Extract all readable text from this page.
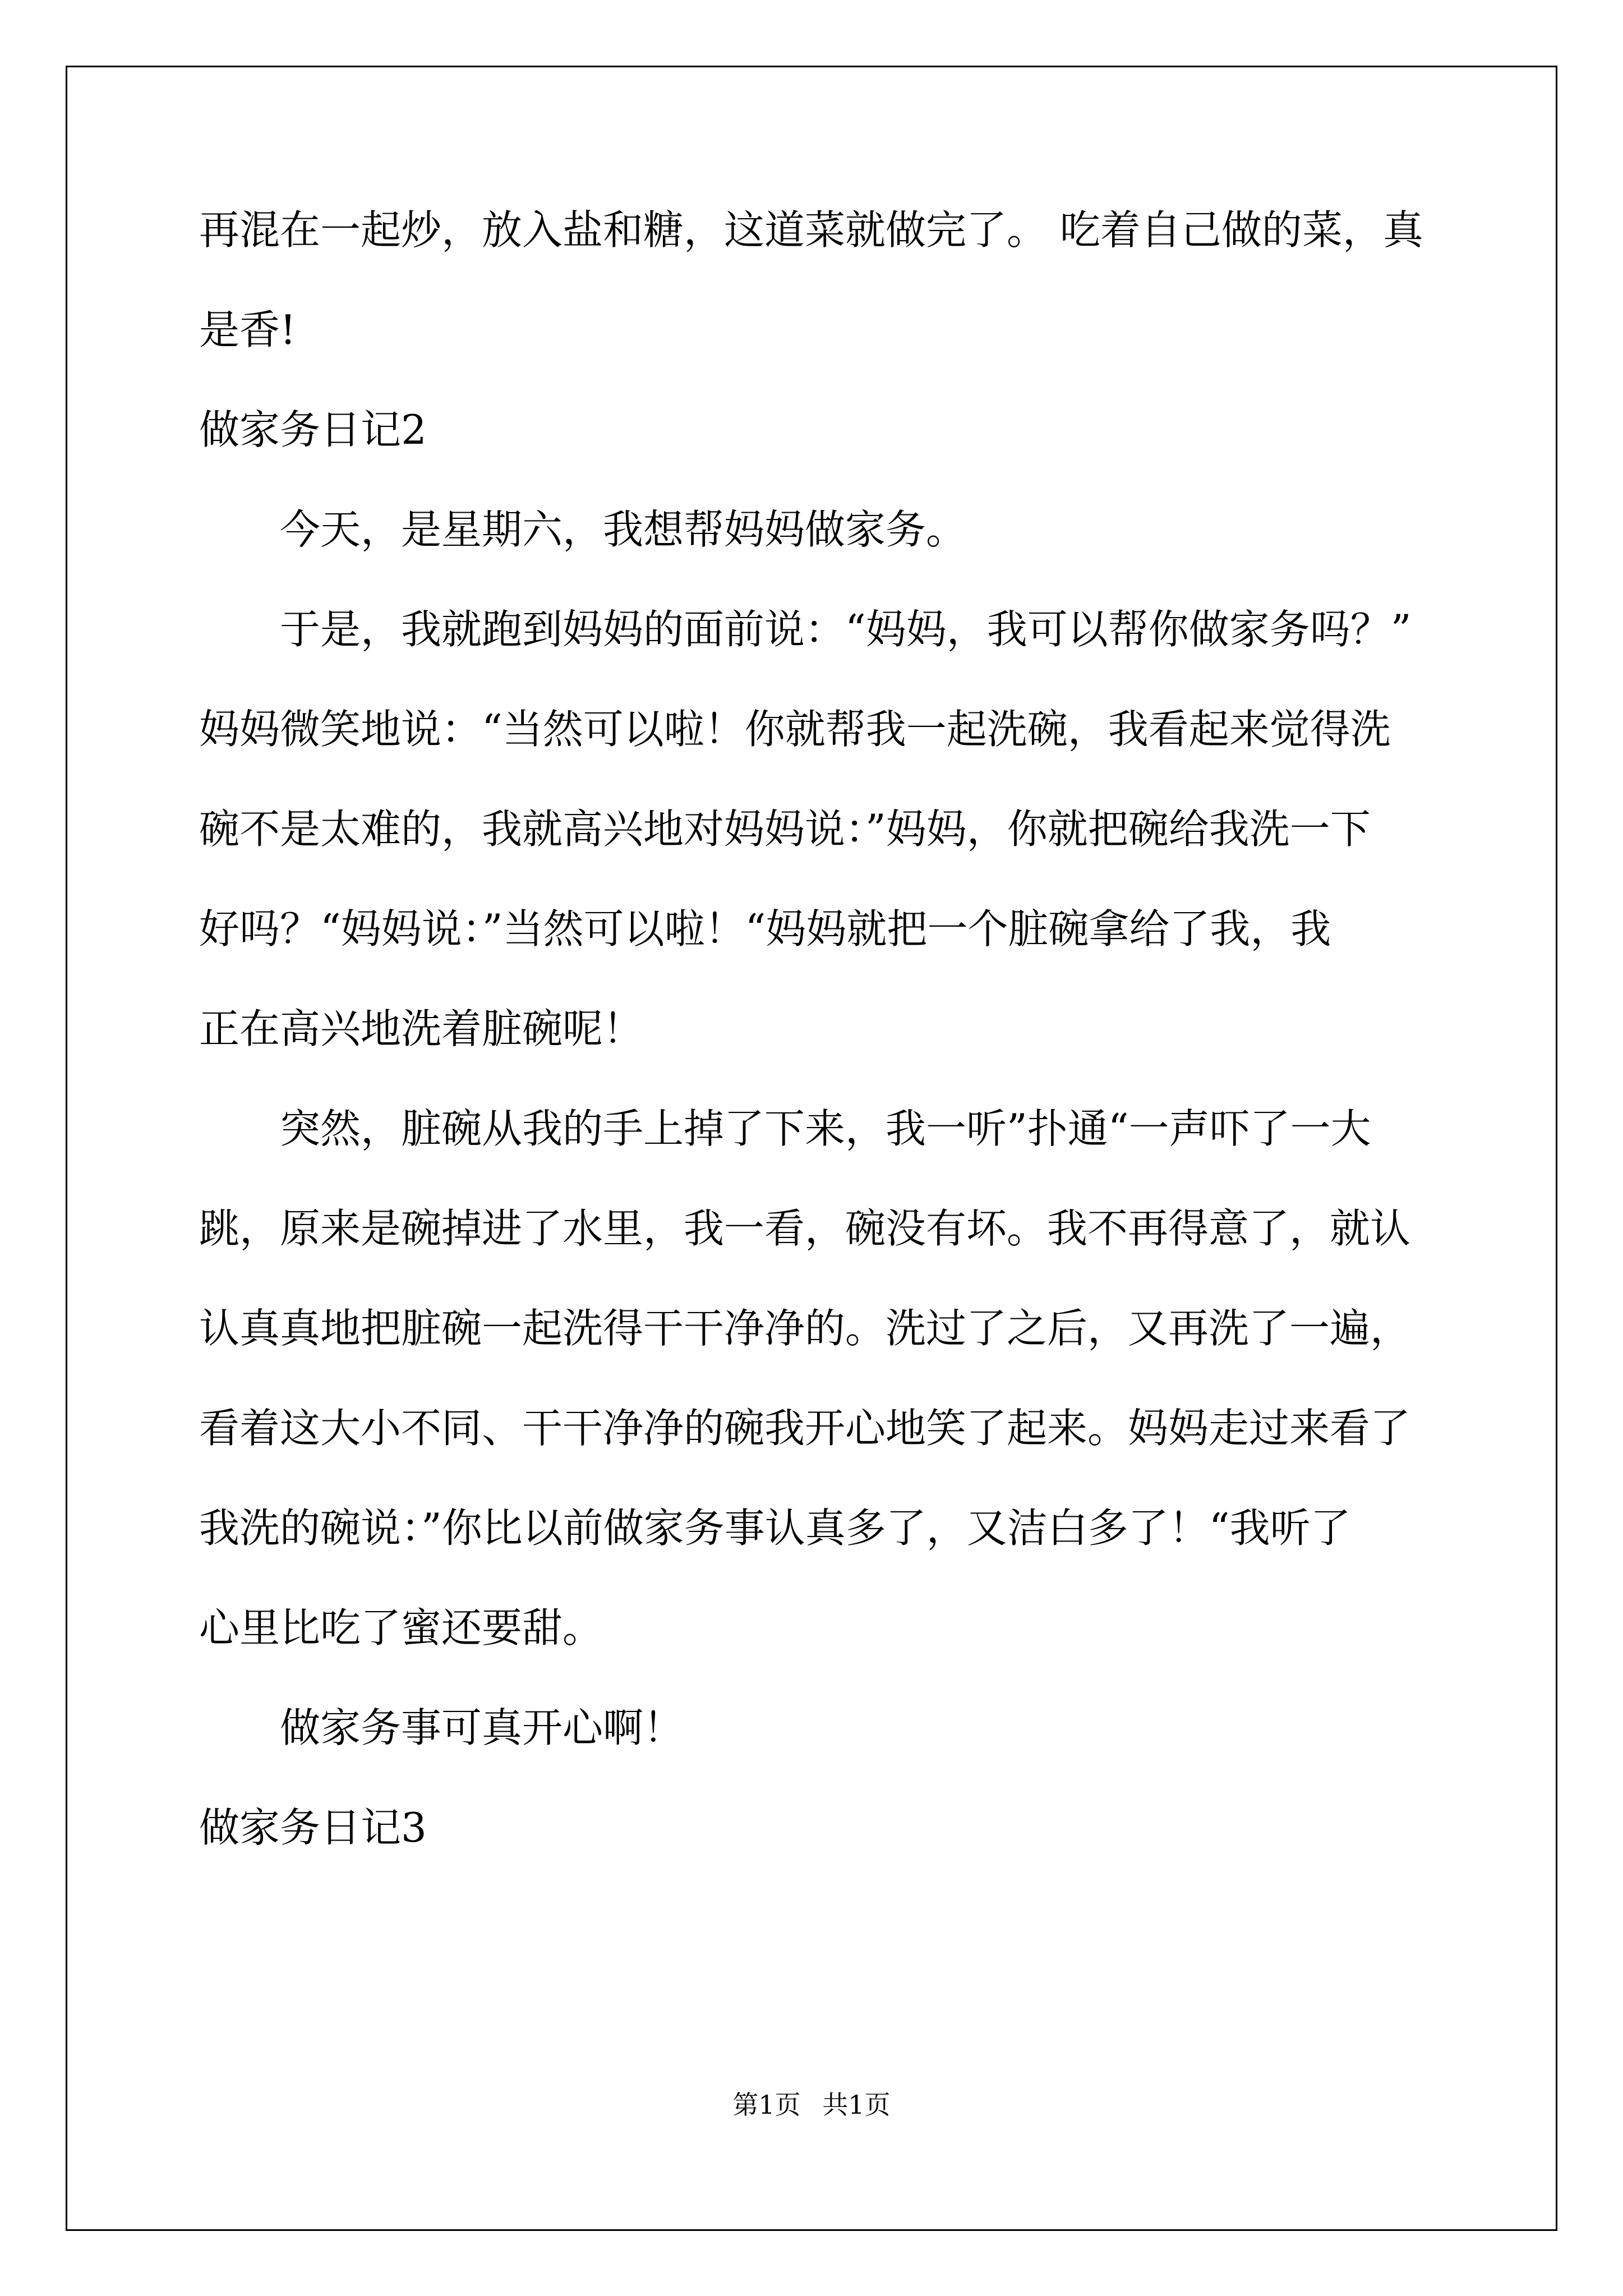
再混在一起炒，放入盐和糖，这道菜就做完了。 吃着自己做的菜，真
是香!
做家务日记2
　　今天，是星期六，我想帮妈妈做家务。
　　于是，我就跑到妈妈的面前说：“妈妈，我可以帮你做家务吗？”
妈妈微笑地说：“当然可以啦！你就帮我一起洗碗，我看起来觉得洗
碗不是太难的，我就高兴地对妈妈说：”妈妈，你就把碗给我洗一下
好吗？“妈妈说：”当然可以啦！“妈妈就把一个脏碗拿给了我，我
正在高兴地洗着脏碗呢！
　　突然，脏碗从我的手上掉了下来，我一听”扑通“一声吓了一大
跳，原来是碗掉进了水里，我一看，碗没有坏。我不再得意了，就认
认真真地把脏碗一起洗得干干净净的。洗过了之后，又再洗了一遍，
看着这大小不同、干干净净的碗我开心地笑了起来。妈妈走过来看了
我洗的碗说：”你比以前做家务事认真多了，又洁白多了！“我听了
心里比吃了蜜还要甜。
　　做家务事可真开心啊！
做家务日记3
第1页 共1页
